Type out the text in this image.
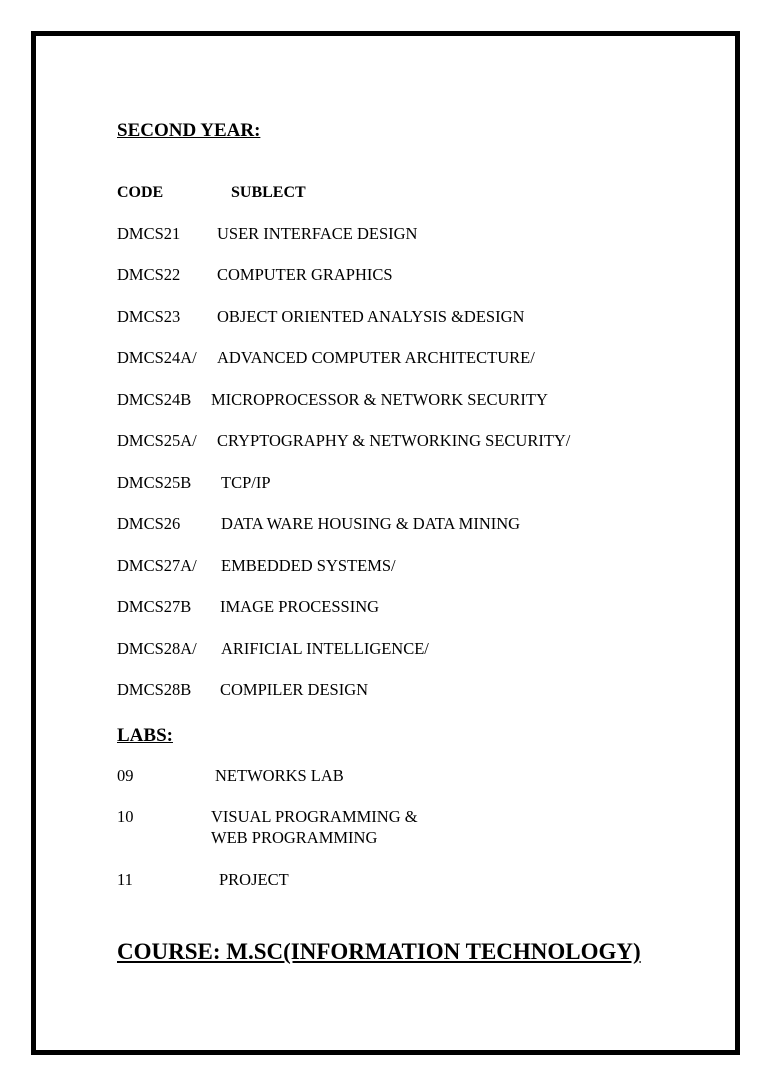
SECOND YEAR:
CODE	SUBLECT
DMCS21 USER INTERFACE DESIGN
DMCS22 COMPUTER GRAPHICS
DMCS23 OBJECT ORIENTED ANALYSIS &DESIGN
DMCS24A/ ADVANCED COMPUTER ARCHITECTURE/
DMCS24B MICROPROCESSOR & NETWORK SECURITY
DMCS25A/ CRYPTOGRAPHY & NETWORKING SECURITY/
DMCS25B TCP/IP
DMCS26 DATA WARE HOUSING & DATA MINING
DMCS27A/ EMBEDDED SYSTEMS/
DMCS27B IMAGE PROCESSING
DMCS28A/ ARIFICIAL INTELLIGENCE/
DMCS28B COMPILER DESIGN
LABS:
09	NETWORKS LAB
10	VISUAL PROGRAMMING &
WEB PROGRAMMING
11	PROJECT
COURSE: M.SC(INFORMATION TECHNOLOGY)
